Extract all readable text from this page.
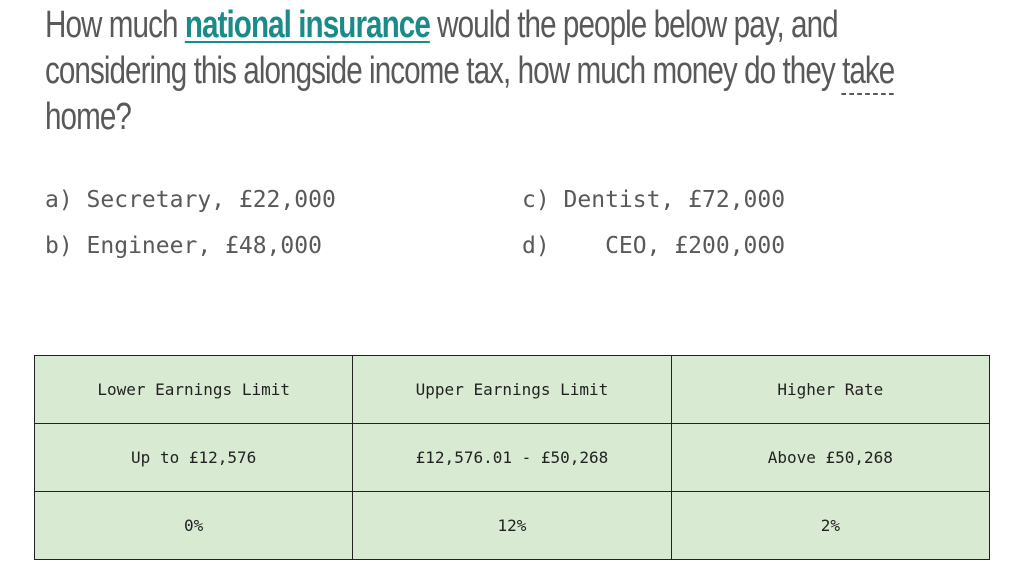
How much national insurance would the people below pay, and considering this alongside income tax, how much money do they take home?

a) Secretary, £22,000

b) Engineer, £48,000

c) Dentist, £72,000

d)    CEO, £200,000

Lower Earnings Limit	Upper Earnings Limit	Higher Rate
Up to £12,576	£12,576.01 - £50,268	Above £50,268
0%	12%	2%
